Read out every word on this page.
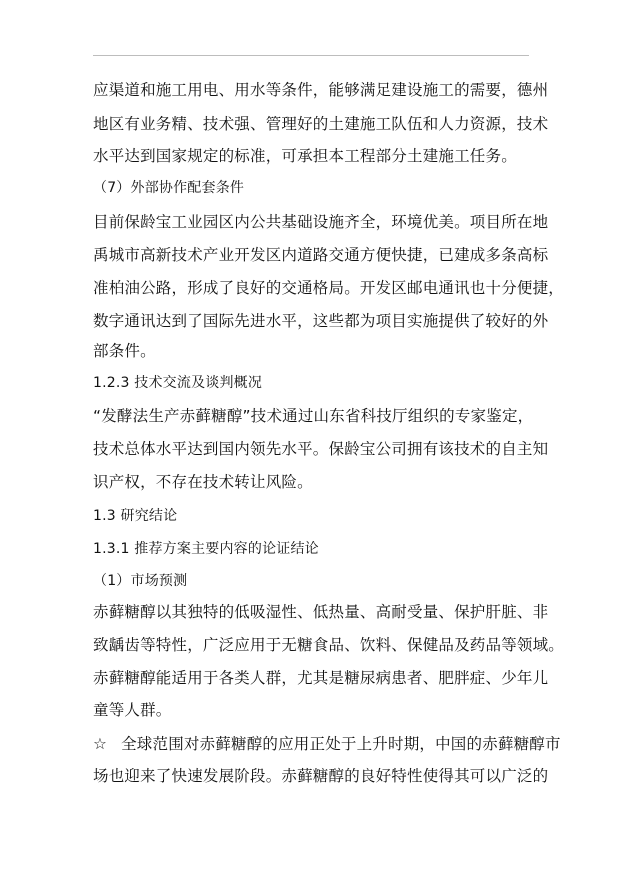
应渠道和施工用电、用水等条件，能够满足建设施工的需要，德州

地区有业务精、技术强、管理好的土建施工队伍和人力资源，技术

水平达到国家规定的标准，可承担本工程部分土建施工任务。

（7）外部协作配套条件

目前保龄宝工业园区内公共基础设施齐全，环境优美。项目所在地

禹城市高新技术产业开发区内道路交通方便快捷，已建成多条高标

准柏油公路，形成了良好的交通格局。开发区邮电通讯也十分便捷，

数字通讯达到了国际先进水平，这些都为项目实施提供了较好的外

部条件。

1.2.3 技术交流及谈判概况

“发酵法生产赤藓糖醇”技术通过山东省科技厅组织的专家鉴定，

技术总体水平达到国内领先水平。保龄宝公司拥有该技术的自主知

识产权，不存在技术转让风险。

1.3 研究结论

1.3.1 推荐方案主要内容的论证结论

（1）市场预测

赤藓糖醇以其独特的低吸湿性、低热量、高耐受量、保护肝脏、非

致龋齿等特性，广泛应用于无糖食品、饮料、保健品及药品等领域。

赤藓糖醇能适用于各类人群，尤其是糖尿病患者、肥胖症、少年儿

童等人群。

☆ 全球范围对赤藓糖醇的应用正处于上升时期，中国的赤藓糖醇市

场也迎来了快速发展阶段。赤藓糖醇的良好特性使得其可以广泛的
